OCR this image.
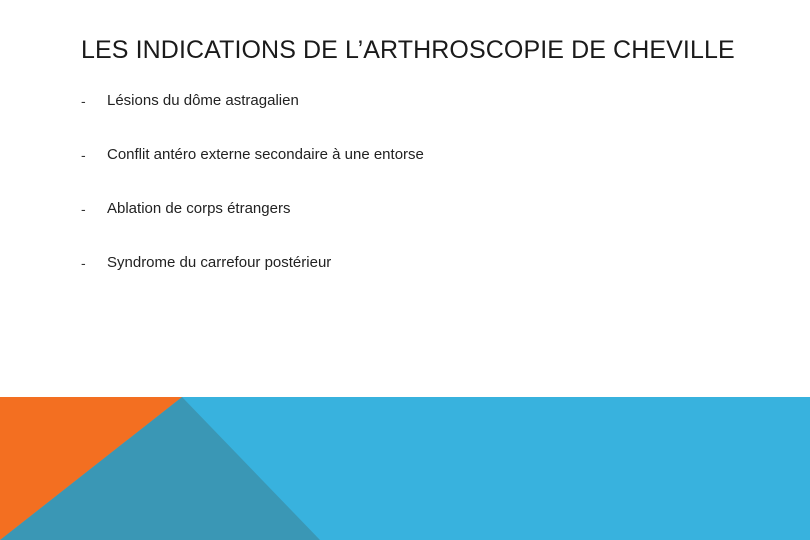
LES INDICATIONS DE L’ARTHROSCOPIE DE CHEVILLE
-	Lésions du dôme astragalien
-	Conflit antéro externe secondaire à une entorse
-	Ablation de corps étrangers
-	Syndrome du carrefour postérieur
